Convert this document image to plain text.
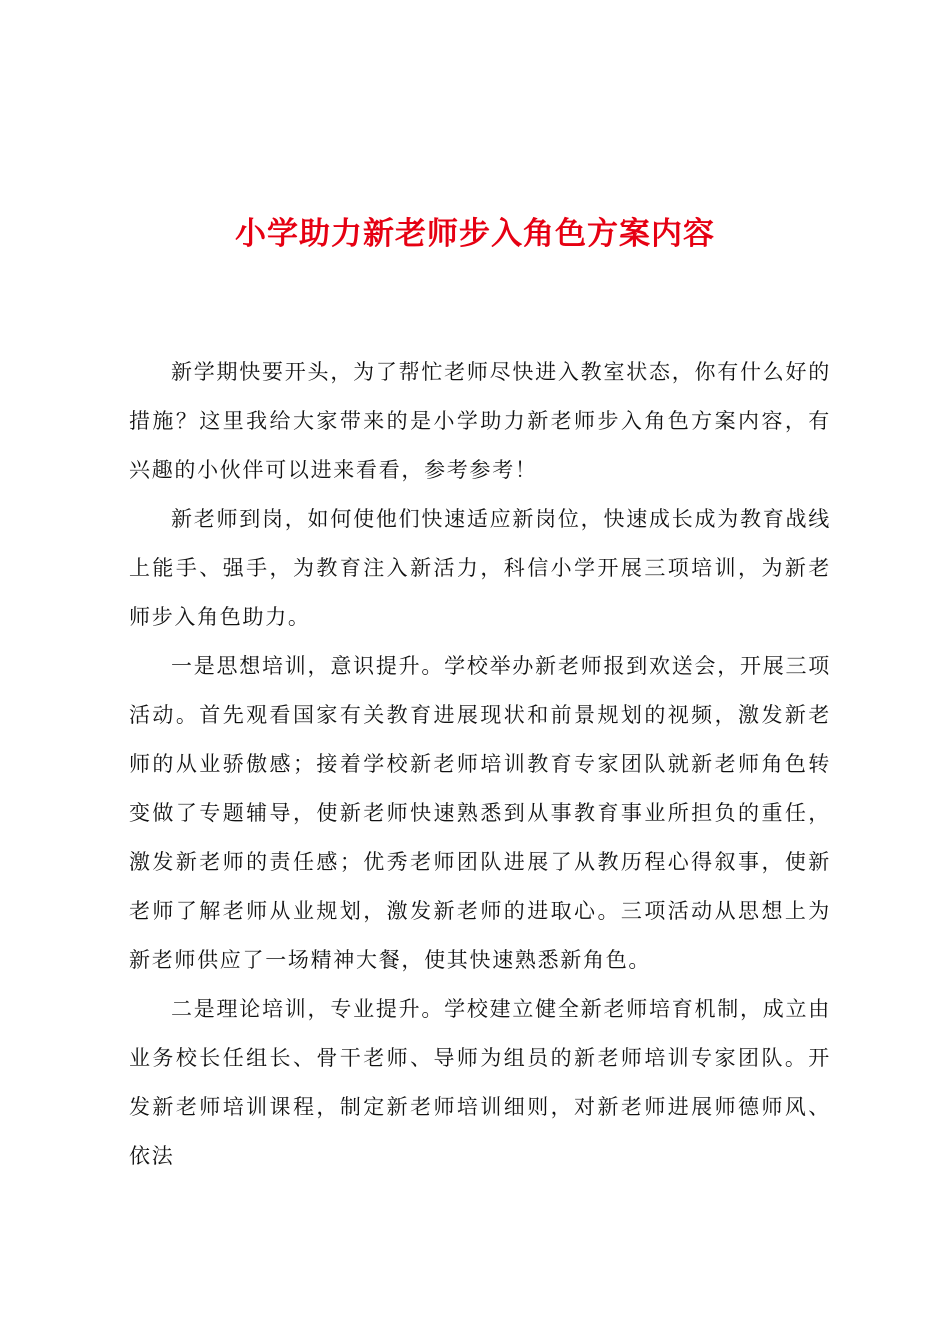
小学助力新老师步入角色方案内容

新学期快要开头，为了帮忙老师尽快进入教室状态，你有什么好的措施？这里我给大家带来的是小学助力新老师步入角色方案内容，有兴趣的小伙伴可以进来看看，参考参考！

新老师到岗，如何使他们快速适应新岗位，快速成长成为教育战线上能手、强手，为教育注入新活力，科信小学开展三项培训，为新老师步入角色助力。

一是思想培训，意识提升。学校举办新老师报到欢送会，开展三项活动。首先观看国家有关教育进展现状和前景规划的视频，激发新老师的从业骄傲感；接着学校新老师培训教育专家团队就新老师角色转变做了专题辅导，使新老师快速熟悉到从事教育事业所担负的重任，激发新老师的责任感；优秀老师团队进展了从教历程心得叙事，使新老师了解老师从业规划，激发新老师的进取心。三项活动从思想上为新老师供应了一场精神大餐，使其快速熟悉新角色。

二是理论培训，专业提升。学校建立健全新老师培育机制，成立由业务校长任组长、骨干老师、导师为组员的新老师培训专家团队。开发新老师培训课程，制定新老师培训细则，对新老师进展师德师风、依法
